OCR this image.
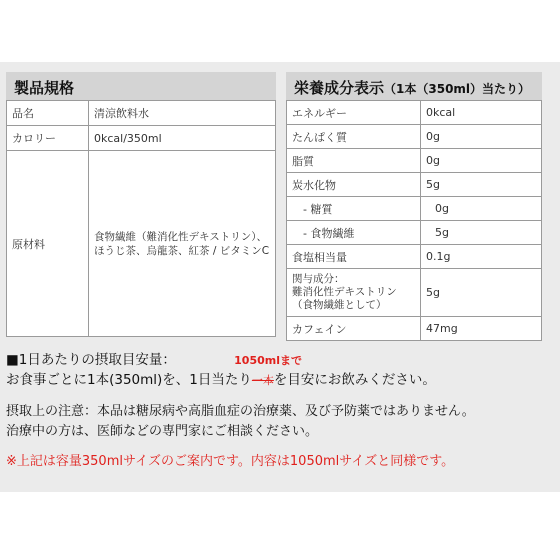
製品規格
品名	清涼飲料水
カロリー	0kcal/350ml
原材料	食物繊維（難消化性デキストリン）、
ほうじ茶、烏龍茶、紅茶 / ビタミンC
栄養成分表示（1本（350ml）当たり）
エネルギー	0kcal
たんぱく質	0g
脂質	0g
炭水化物	5g
- 糖質	0g
- 食物繊維	5g
食塩相当量	0.1g

関与成分：
難消化性デキストリン
（食物繊維として）	5g
カフェイン	47mg
■1日あたりの摂取目安量：	1050mlまで
お食事ごとに1本(350ml)を、1日当たり一本を目安にお飲みください。
摂取上の注意：本品は糖尿病や高脂血症の治療薬、及び予防薬ではありません。
治療中の方は、医師などの専門家にご相談ください。
※上記は容量350mlサイズのご案内です。内容は1050mlサイズと同様です。
